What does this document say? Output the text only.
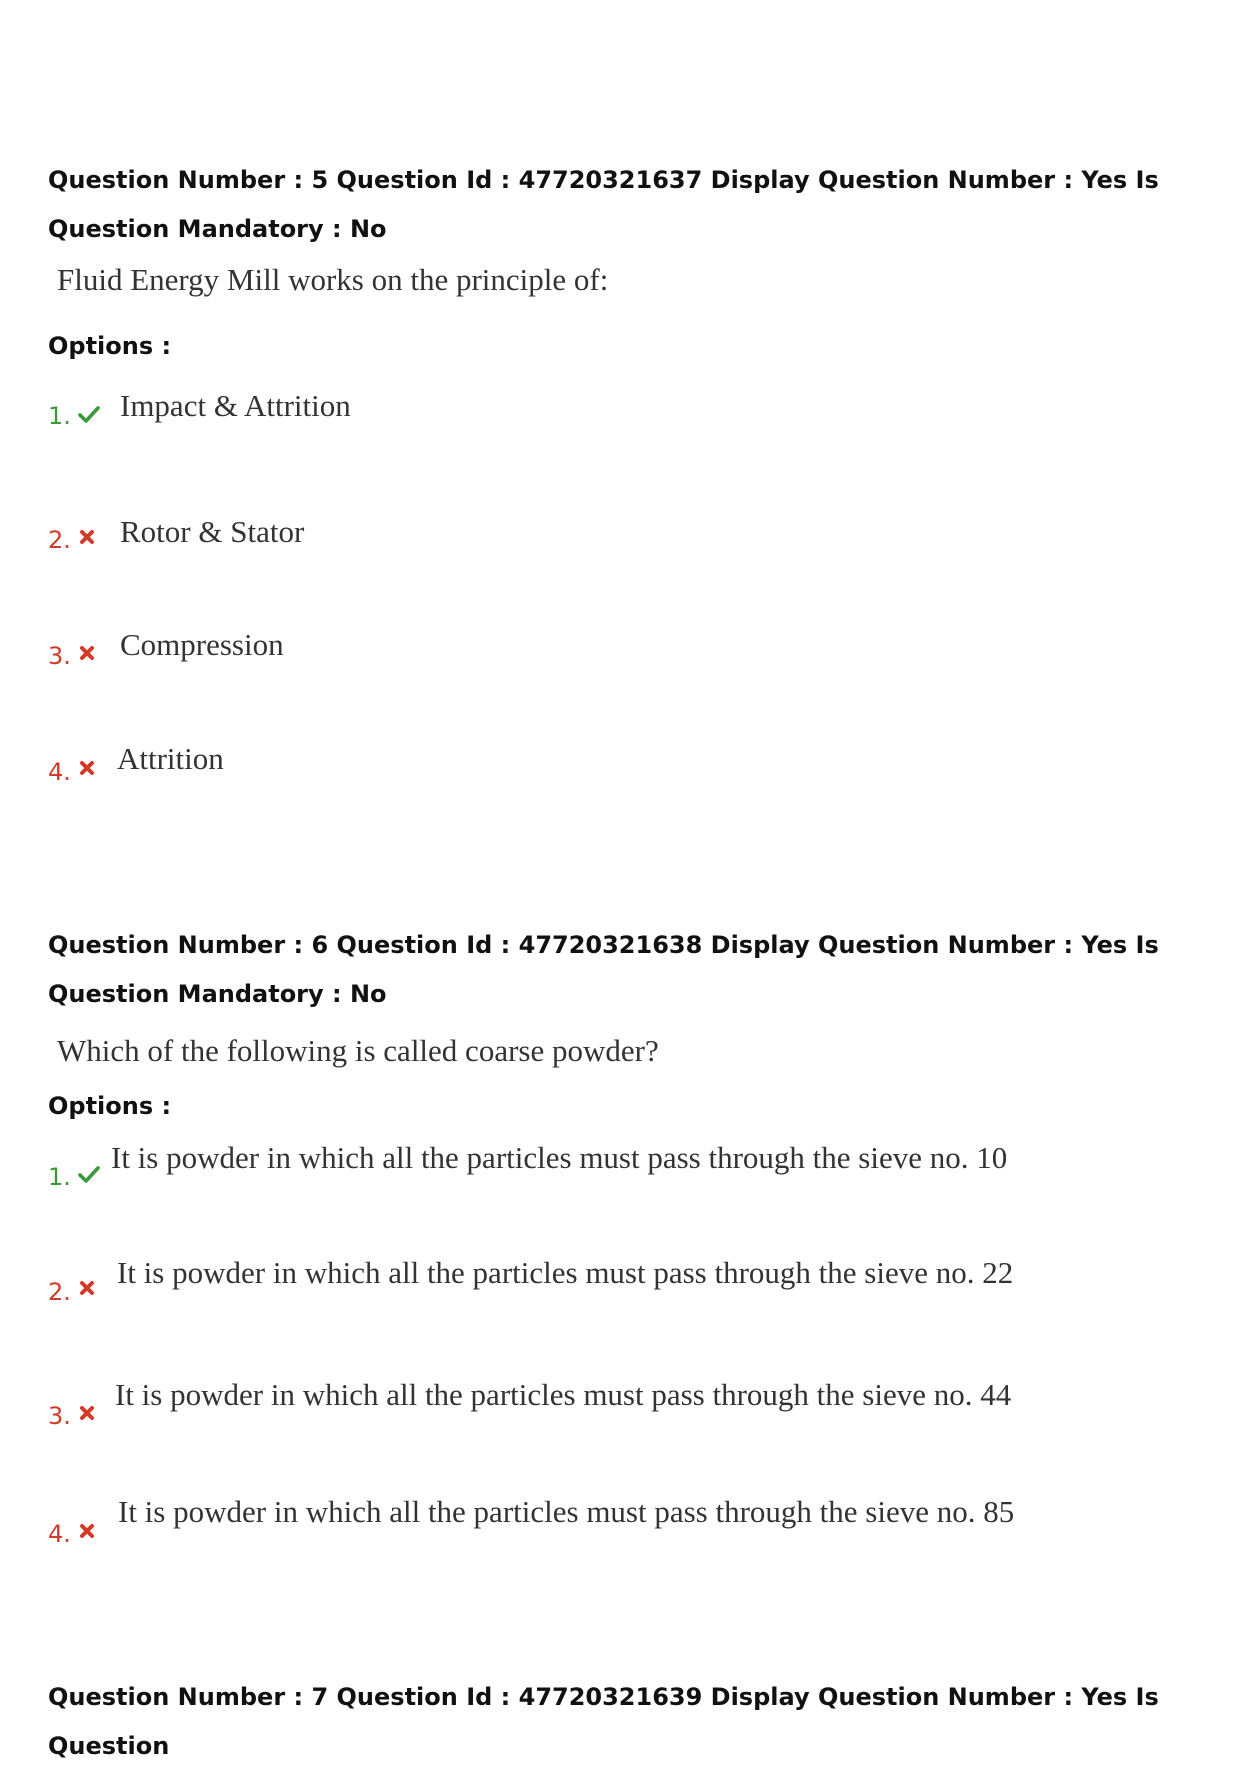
Question Number : 5 Question Id : 47720321637 Display Question Number : Yes Is Question Mandatory : No
Fluid Energy Mill works on the principle of:
Options :
1. Impact & Attrition
2. Rotor & Stator
3. Compression
4. Attrition
Question Number : 6 Question Id : 47720321638 Display Question Number : Yes Is Question Mandatory : No
Which of the following is called coarse powder?
Options :
1.
It is powder in which all the particles must pass through the sieve no. 10
2.
It is powder in which all the particles must pass through the sieve no. 22
3.
It is powder in which all the particles must pass through the sieve no. 44
4.
It is powder in which all the particles must pass through the sieve no. 85
Question Number : 7 Question Id : 47720321639 Display Question Number : Yes Is Question
